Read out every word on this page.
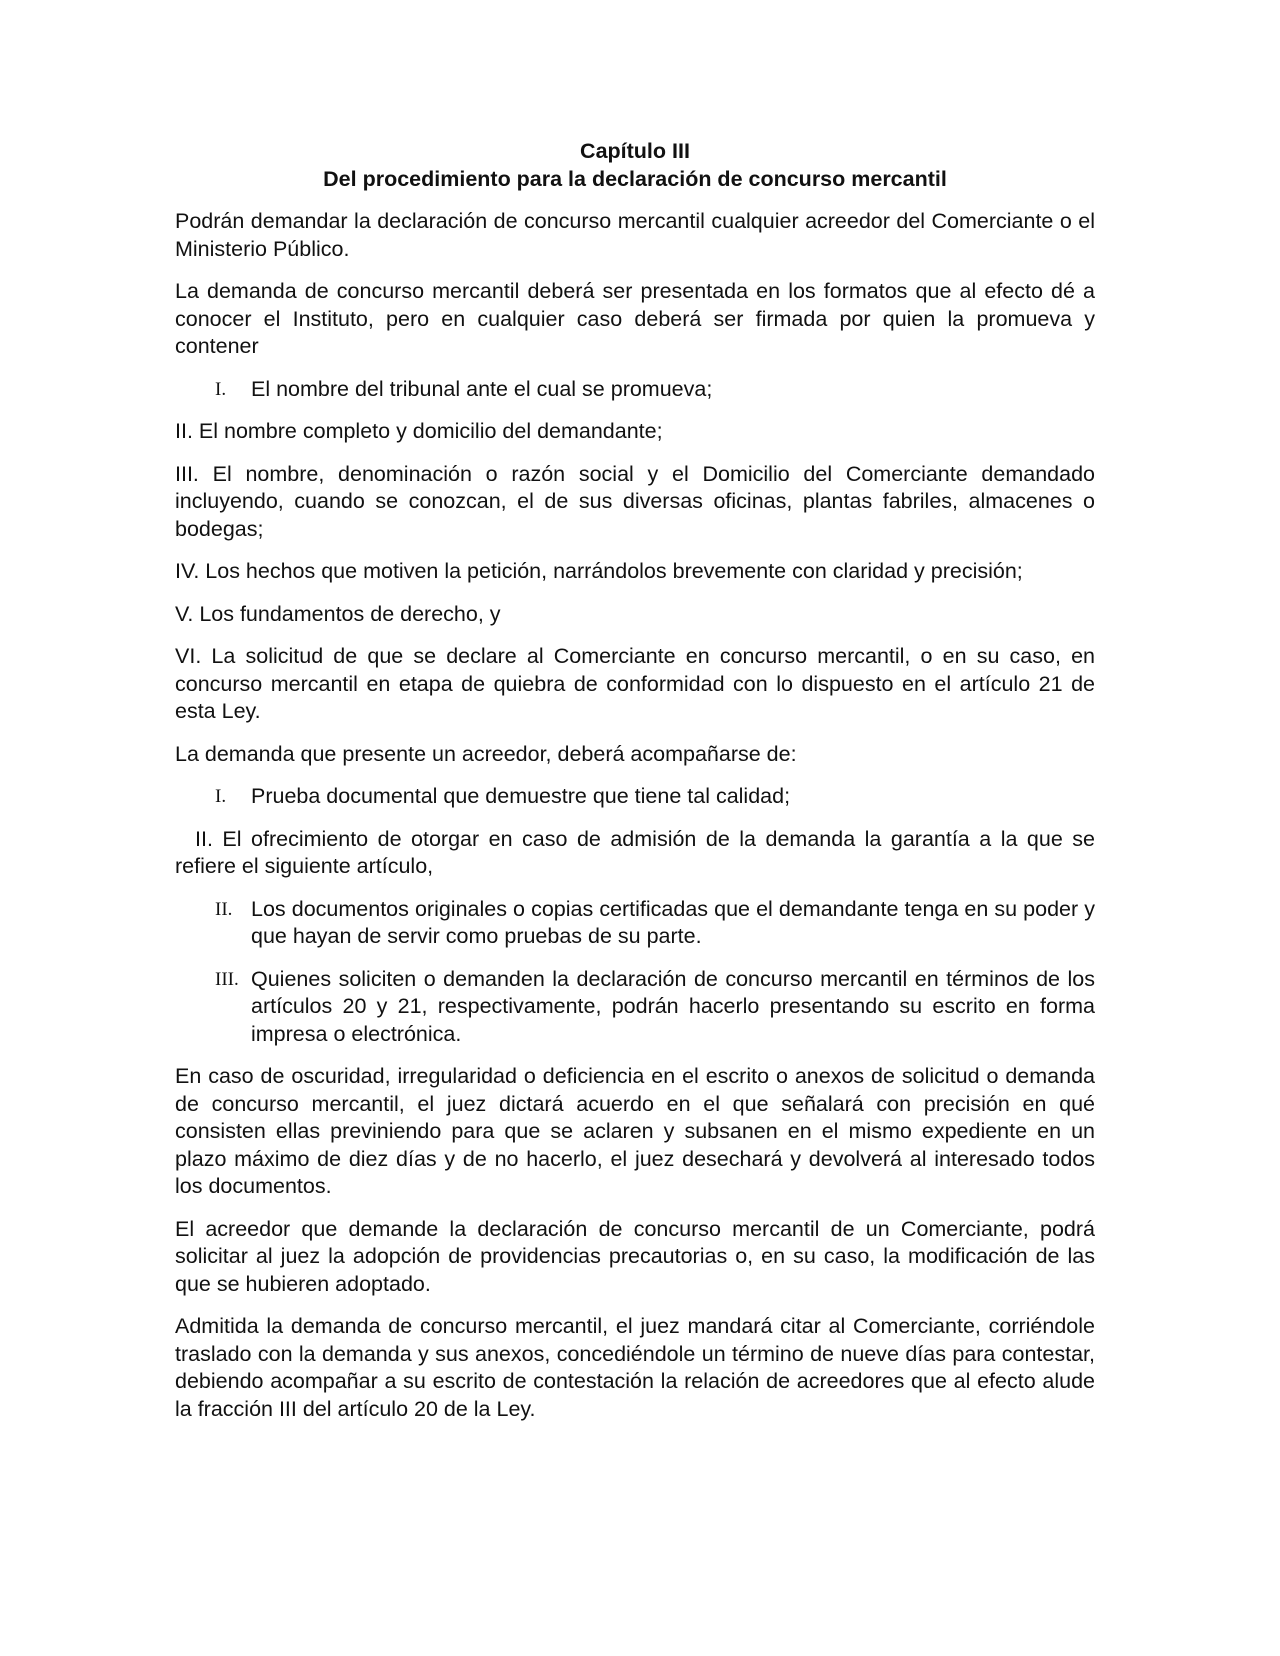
Capítulo III
Del procedimiento para la declaración de concurso mercantil

Podrán demandar la declaración de concurso mercantil cualquier acreedor del Comerciante o el Ministerio Público.

La demanda de concurso mercantil deberá ser presentada en los formatos que al efecto dé a conocer el Instituto, pero en cualquier caso deberá ser firmada por quien la promueva y contener

I. El nombre del tribunal ante el cual se promueva;

II. El nombre completo y domicilio del demandante;

III. El nombre, denominación o razón social y el Domicilio del Comerciante demandado incluyendo, cuando se conozcan, el de sus diversas oficinas, plantas fabriles, almacenes o bodegas;

IV. Los hechos que motiven la petición, narrándolos brevemente con claridad y precisión;

V. Los fundamentos de derecho, y

VI. La solicitud de que se declare al Comerciante en concurso mercantil, o en su caso, en concurso mercantil en etapa de quiebra de conformidad con lo dispuesto en el artículo 21 de esta Ley.

La demanda que presente un acreedor, deberá acompañarse de:

I. Prueba documental que demuestre que tiene tal calidad;

II. El ofrecimiento de otorgar en caso de admisión de la demanda la garantía a la que se refiere el siguiente artículo,

II. Los documentos originales o copias certificadas que el demandante tenga en su poder y que hayan de servir como pruebas de su parte.
III. Quienes soliciten o demanden la declaración de concurso mercantil en términos de los artículos 20 y 21, respectivamente, podrán hacerlo presentando su escrito en forma impresa o electrónica.

En caso de oscuridad, irregularidad o deficiencia en el escrito o anexos de solicitud o demanda de concurso mercantil, el juez dictará acuerdo en el que señalará con precisión en qué consisten ellas previniendo para que se aclaren y subsanen en el mismo expediente en un plazo máximo de diez días y de no hacerlo, el juez desechará y devolverá al interesado todos los documentos.

El acreedor que demande la declaración de concurso mercantil de un Comerciante, podrá solicitar al juez la adopción de providencias precautorias o, en su caso, la modificación de las que se hubieren adoptado.

Admitida la demanda de concurso mercantil, el juez mandará citar al Comerciante, corriéndole traslado con la demanda y sus anexos, concediéndole un término de nueve días para contestar, debiendo acompañar a su escrito de contestación la relación de acreedores que al efecto alude la fracción III del artículo 20 de la Ley.
